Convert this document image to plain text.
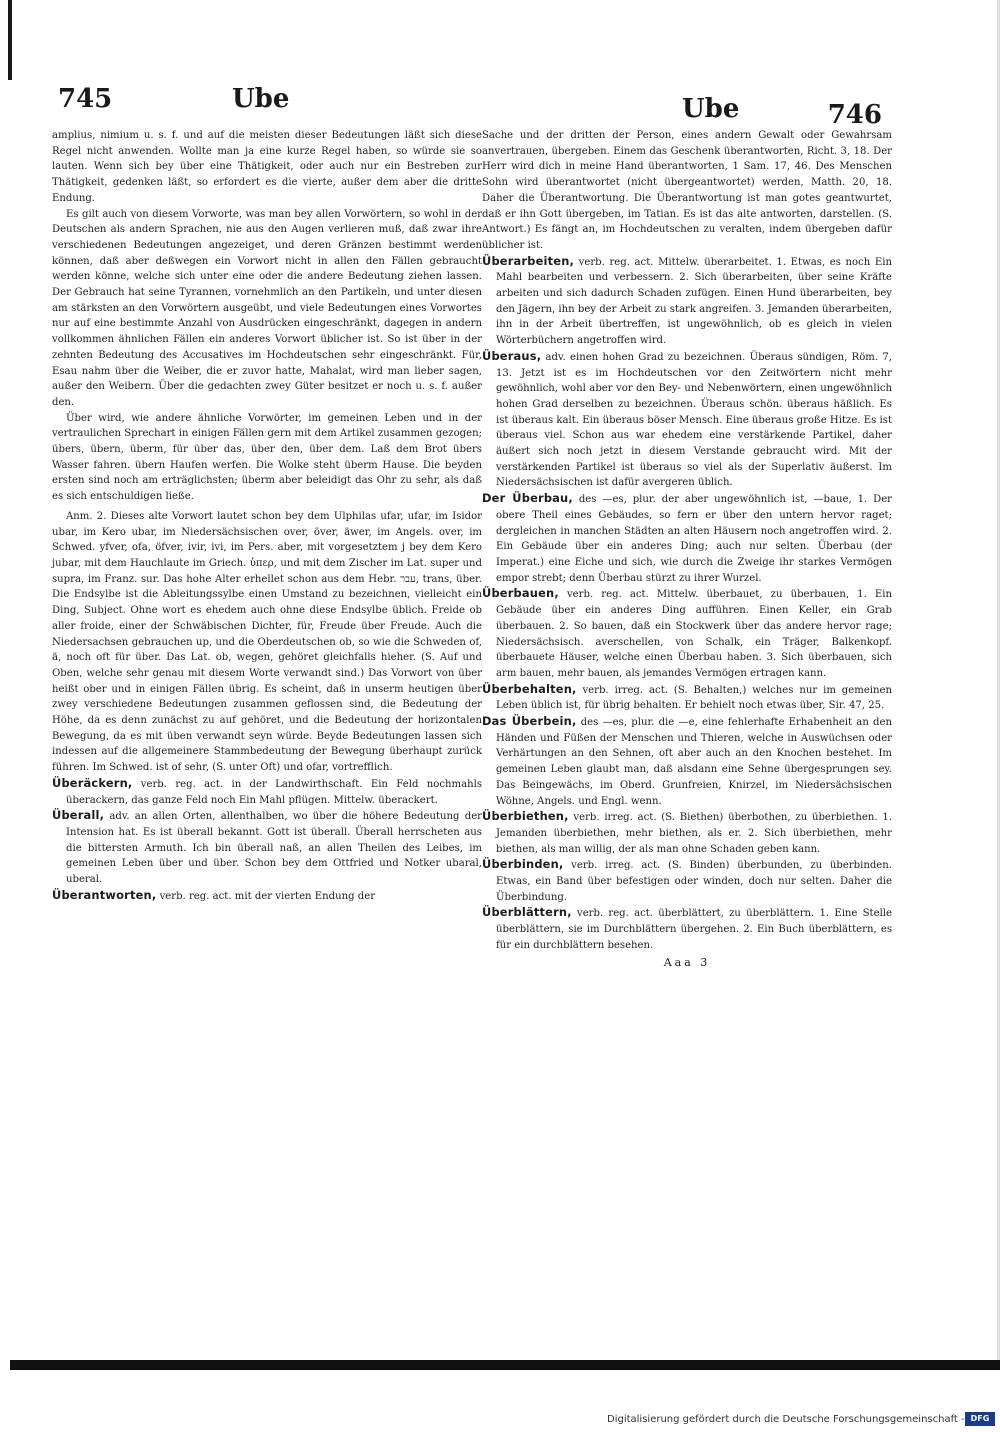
745	Ube

amplius, nimium u. s. f. und auf die meisten dieser Bedeutungen läßt sich diese Regel nicht anwenden. Wollte man ja eine kurze Regel haben, so würde sie so lauten. Wenn sich bey über eine Thätigkeit, oder auch nur ein Bestreben zur Thätigkeit, gedenken läßt, so erfordert es die vierte, außer dem aber die dritte Endung.

Es gilt auch von diesem Vorworte, was man bey allen Vorwörtern, so wohl in der Deutschen als andern Sprachen, nie aus den Augen verlieren muß, daß zwar ihre verschiedenen Bedeutungen angezeiget, und deren Gränzen bestimmt werden können, daß aber deßwegen ein Vorwort nicht in allen den Fällen gebraucht werden könne, welche sich unter eine oder die andere Bedeutung ziehen lassen. Der Gebrauch hat seine Tyrannen, vornehmlich an den Partikeln, und unter diesen am stärksten an den Vorwörtern ausgeübt, und viele Bedeutungen eines Vorwortes nur auf eine bestimmte Anzahl von Ausdrücken eingeschränkt, dagegen in andern vollkommen ähnlichen Fällen ein anderes Vorwort üblicher ist. So ist über in der zehnten Bedeutung des Accusatives im Hochdeutschen sehr eingeschränkt. Für, Esau nahm über die Weiber, die er zuvor hatte, Mahalat, wird man lieber sagen, außer den Weibern. Über die gedachten zwey Güter besitzet er noch u. s. f. außer den.

Über wird, wie andere ähnliche Vorwörter, im gemeinen Leben und in der vertraulichen Sprechart in einigen Fällen gern mit dem Artikel zusammen gezogen; übers, übern, überm, für über das, über den, über dem. Laß dem Brot übers Wasser fahren. übern Haufen werfen. Die Wolke steht überm Hause. Die beyden ersten sind noch am erträglichsten; überm aber beleidigt das Ohr zu sehr, als daß es sich entschuldigen ließe.

Anm. 2. Dieses alte Vorwort lautet schon bey dem Ulphilas ufar, ufar, im Isidor ubar, im Kero ubar, im Niedersächsischen over, över, äwer, im Angels. over, im Schwed. yfver, ofa, öfver, ivir, ivi, im Pers. aber, mit vorgesetztem j bey dem Kero jubar, mit dem Hauchlaute im Griech. ὑπερ, und mit dem Zischer im Lat. super und supra, im Franz. sur. Das hohe Alter erhellet schon aus dem Hebr. עבר, trans, über. Die Endsylbe ist die Ableitungssylbe einen Umstand zu bezeichnen, vielleicht ein Ding, Subject. Ohne wort es ehedem auch ohne diese Endsylbe üblich. Freide ob aller froide, einer der Schwäbischen Dichter, für, Freude über Freude. Auch die Niedersachsen gebrauchen up, und die Oberdeutschen ob, so wie die Schweden of, ä, noch oft für über. Das Lat. ob, wegen, gehöret gleichfalls hieher. (S. Auf und Oben, welche sehr genau mit diesem Worte verwandt sind.) Das Vorwort von über heißt ober und in einigen Fällen übrig. Es scheint, daß in unserm heutigen über zwey verschiedene Bedeutungen zusammen geflossen sind, die Bedeutung der Höhe, da es denn zunächst zu auf gehöret, und die Bedeutung der horizontalen Bewegung, da es mit üben verwandt seyn würde. Beyde Bedeutungen lassen sich indessen auf die allgemeinere Stammbedeutung der Bewegung überhaupt zurück führen. Im Schwed. ist of sehr, (S. unter Oft) und ofar, vortrefflich.

Überäckern, verb. reg. act. in der Landwirthschaft. Ein Feld nochmahls überackern, das ganze Feld noch Ein Mahl pflügen. Mittelw. überackert.

Überall, adv. an allen Orten, allenthalben, wo über die höhere Bedeutung der Intension hat. Es ist überall bekannt. Gott ist überall. Überall herrscheten aus die bittersten Armuth. Ich bin überall naß, an allen Theilen des Leibes, im gemeinen Leben über und über. Schon bey dem Ottfried und Notker ubaral, uberal.

Überantworten, verb. reg. act. mit der vierten Endung der

Ube	746

Sache und der dritten der Person, eines andern Gewalt oder Gewahrsam anvertrauen, übergeben. Einem das Geschenk überantworten, Richt. 3, 18. Der Herr wird dich in meine Hand überantworten, 1 Sam. 17, 46. Des Menschen Sohn wird überantwortet (nicht übergeantwortet) werden, Matth. 20, 18. Daher die Überantwortung. Die Überantwortung ist man gotes geantwurtet, daß er ihn Gott übergeben, im Tatian. Es ist das alte antworten, darstellen. (S. Antwort.) Es fängt an, im Hochdeutschen zu veralten, indem übergeben dafür üblicher ist.

Überarbeiten, verb. reg. act. Mittelw. überarbeitet. 1. Etwas, es noch Ein Mahl bearbeiten und verbessern. 2. Sich überarbeiten, über seine Kräfte arbeiten und sich dadurch Schaden zufügen. Einen Hund überarbeiten, bey den Jägern, ihn bey der Arbeit zu stark angreifen. 3. Jemanden überarbeiten, ihn in der Arbeit übertreffen, ist ungewöhnlich, ob es gleich in vielen Wörterbüchern angetroffen wird.

Überaus, adv. einen hohen Grad zu bezeichnen. Überaus sündigen, Röm. 7, 13. Jetzt ist es im Hochdeutschen vor den Zeitwörtern nicht mehr gewöhnlich, wohl aber vor den Bey- und Nebenwörtern, einen ungewöhnlich hohen Grad derselben zu bezeichnen. Überaus schön. überaus häßlich. Es ist überaus kalt. Ein überaus böser Mensch. Eine überaus große Hitze. Es ist überaus viel. Schon aus war ehedem eine verstärkende Partikel, daher äußert sich noch jetzt in diesem Verstande gebraucht wird. Mit der verstärkenden Partikel ist überaus so viel als der Superlativ äußerst. Im Niedersächsischen ist dafür avergeren üblich.

Der Überbau, des —es, plur. der aber ungewöhnlich ist, —baue, 1. Der obere Theil eines Gebäudes, so fern er über den untern hervor raget; dergleichen in manchen Städten an alten Häusern noch angetroffen wird. 2. Ein Gebäude über ein anderes Ding; auch nur selten. Überbau (der Imperat.) eine Eiche und sich, wie durch die Zweige ihr starkes Vermögen empor strebt; denn Überbau stürzt zu ihrer Wurzel.

Überbauen, verb. reg. act. Mittelw. überbauet, zu überbauen, 1. Ein Gebäude über ein anderes Ding aufführen. Einen Keller, ein Grab überbauen. 2. So bauen, daß ein Stockwerk über das andere hervor rage; Niedersächsisch. averschellen, von Schalk, ein Träger, Balkenkopf. überbauete Häuser, welche einen Überbau haben. 3. Sich überbauen, sich arm bauen, mehr bauen, als jemandes Vermögen ertragen kann.

Überbehalten, verb. irreg. act. (S. Behalten,) welches nur im gemeinen Leben üblich ist, für übrig behalten. Er behielt noch etwas über, Sir. 47, 25.

Das Überbein, des —es, plur. die —e, eine fehlerhafte Erhabenheit an den Händen und Füßen der Menschen und Thieren, welche in Auswüchsen oder Verhärtungen an den Sehnen, oft aber auch an den Knochen bestehet. Im gemeinen Leben glaubt man, daß alsdann eine Sehne übergesprungen sey. Das Beingewächs, im Oberd. Grunfreien, Knirzel, im Niedersächsischen Wöhne, Angels. und Engl. wenn.

Überbiethen, verb. irreg. act. (S. Biethen) überbothen, zu überbiethen. 1. Jemanden überbiethen, mehr biethen, als er. 2. Sich überbiethen, mehr biethen, als man willig, der als man ohne Schaden geben kann.

Überbinden, verb. irreg. act. (S. Binden) überbunden, zu überbinden. Etwas, ein Band über befestigen oder winden, doch nur selten. Daher die Überbindung.

Überblättern, verb. reg. act. überblättert, zu überblättern. 1. Eine Stelle überblättern, sie im Durchblättern übergehen. 2. Ein Buch überblättern, es für ein durchblättern besehen.

Aaa 3
Digitalisierung gefördert durch die Deutsche Forschungsgemeinschaft - DFG
